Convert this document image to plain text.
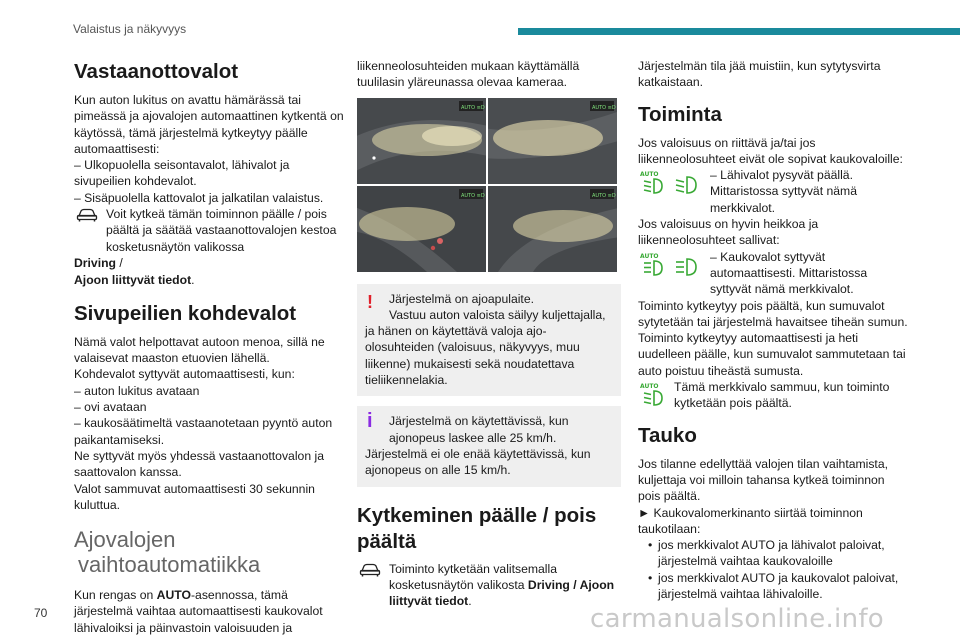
Valaistus ja näkyvyys
70	carmanualsonline.info
Vastaanottovalot

Kun auton lukitus on avattu hämärässä tai pimeässä ja ajovalojen automaattinen kytkentä on käytössä, tämä järjestelmä kytkeytyy päälle automaattisesti:

– Ulkopuolella seisontavalot, lähivalot ja sivupeilien kohdevalot.

– Sisäpuolella kattovalot ja jalkatilan valaistus.

Voit kytkeä tämän toiminnon päälle / pois päältä ja säätää vastaanottovalojen kestoa kosketusnäytön valikossa

Driving /
Ajoon liittyvät tiedot.

Sivupeilien kohdevalot

Nämä valot helpottavat autoon menoa, sillä ne valaisevat maaston etuovien lähellä.

Kohdevalot syttyvät automaattisesti, kun:

– auton lukitus avataan

– ovi avataan

– kaukosäätimeltä vastaanotetaan pyyntö auton paikantamiseksi.

Ne syttyvät myös yhdessä vastaanottovalon ja saattovalon kanssa.

Valot sammuvat automaattisesti 30 sekunnin kuluttua.

Ajovalojen
vaihtoautomatiikka

Kun rengas on AUTO-asennossa, tämä järjestelmä vaihtaa automaattisesti kaukovalot lähivaloiksi ja päinvastoin valoisuuden ja

liikenneolosuhteiden mukaan käyttämällä tuulilasin yläreunassa olevaa kameraa.

AUTO ≡D	AUTO ≡D
AUTO ≡D	AUTO ≡D
!	Järjestelmä on ajoapulaite.

Vastuu auton valoista säilyy kuljettajalla, ja hänen on käytettävä valoja ajo-olosuhteiden (valoisuus, näkyvyys, muu liikenne) mukaisesti sekä noudatettava tieliikennelakia.

i	Järjestelmä on käytettävissä, kun ajonopeus laskee alle 25 km/h.

Järjestelmä ei ole enää käytettävissä, kun ajonopeus on alle 15 km/h.

Kytkeminen päälle / pois päältä
Toiminto kytketään valitsemalla kosketusnäytön valikosta Driving / Ajoon liittyvät tiedot.

Järjestelmän tila jää muistiin, kun sytytysvirta katkaistaan.

Toiminta

Jos valoisuus on riittävä ja/tai jos liikenneolosuhteet eivät ole sopivat kaukovaloille:

AUTO	– Lähivalot pysyvät päällä. Mittaristossa syttyvät nämä merkkivalot.

Jos valoisuus on hyvin heikkoa ja liikenneolosuhteet sallivat:

AUTO	– Kaukovalot syttyvät automaattisesti. Mittaristossa syttyvät nämä merkkivalot.

Toiminto kytkeytyy pois päältä, kun sumuvalot sytytetään tai järjestelmä havaitsee tiheän sumun.

Toiminto kytkeytyy automaattisesti ja heti uudelleen päälle, kun sumuvalot sammutetaan tai auto poistuu tiheästä sumusta.

AUTO Tämä merkkivalo sammuu, kun toiminto kytketään pois päältä.
Tauko

Jos tilanne edellyttää valojen tilan vaihtamista, kuljettaja voi milloin tahansa kytkeä toiminnon pois päältä.

► Kaukovalomerkinanto siirtää toiminnon taukotilaan:

• jos merkkivalot AUTO ja lähivalot paloivat, järjestelmä vaihtaa kaukovaloille
• jos merkkivalot AUTO ja kaukovalot paloivat, järjestelmä vaihtaa lähivaloille.
